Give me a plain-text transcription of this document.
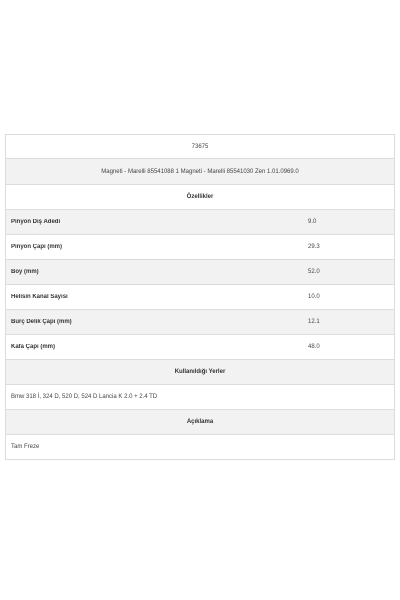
73675
Magneti - Marelli 85541088 1 Magneti - Marelli 85541030 Zen 1.01.0969.0
Özellikler
Pinyon Diş Adedi	9.0
Pinyon Çapı (mm)	29.3
Boy (mm)	52.0
Helisin Kanal Sayısı	10.0
Burç Delik Çapı (mm)	12.1
Kafa Çapı (mm)	48.0
Kullanıldığı Yerler
Bmw 318 İ, 324 D, 520 D, 524 D Lancia K 2.0 + 2.4 TD
Açıklama
Tam Freze
